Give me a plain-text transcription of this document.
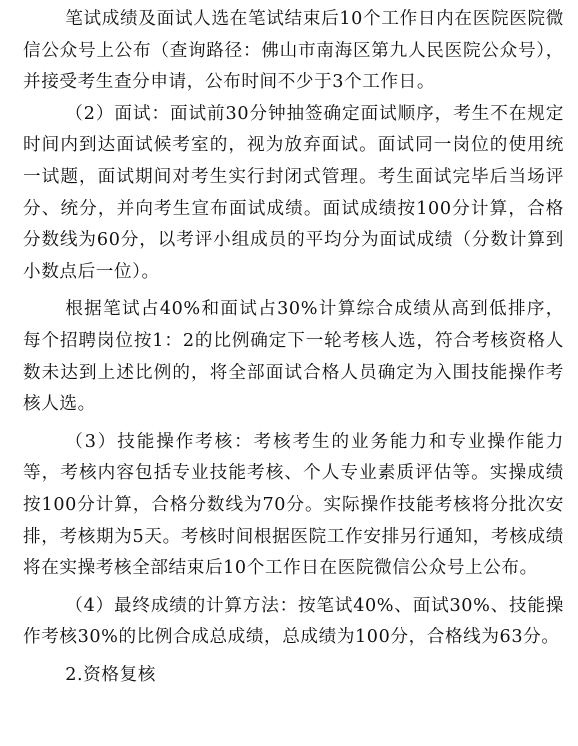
笔试成绩及面试人选在笔试结束后10个工作日内在医院医院微信公众号上公布（查询路径：佛山市南海区第九人民医院公众号），并接受考生查分申请，公布时间不少于3个工作日。

（2）面试：面试前30分钟抽签确定面试顺序，考生不在规定时间内到达面试候考室的，视为放弃面试。面试同一岗位的使用统一试题，面试期间对考生实行封闭式管理。考生面试完毕后当场评分、统分，并向考生宣布面试成绩。面试成绩按100分计算，合格分数线为60分，以考评小组成员的平均分为面试成绩（分数计算到小数点后一位）。

根据笔试占40%和面试占30%计算综合成绩从高到低排序，每个招聘岗位按1：2的比例确定下一轮考核人选，符合考核资格人数未达到上述比例的，将全部面试合格人员确定为入围技能操作考核人选。

（3）技能操作考核：考核考生的业务能力和专业操作能力等，考核内容包括专业技能考核、个人专业素质评估等。实操成绩按100分计算，合格分数线为70分。实际操作技能考核将分批次安排，考核期为5天。考核时间根据医院工作安排另行通知，考核成绩将在实操考核全部结束后10个工作日在医院微信公众号上公布。

（4）最终成绩的计算方法：按笔试40%、面试30%、技能操作考核30%的比例合成总成绩，总成绩为100分，合格线为63分。

2.资格复核
